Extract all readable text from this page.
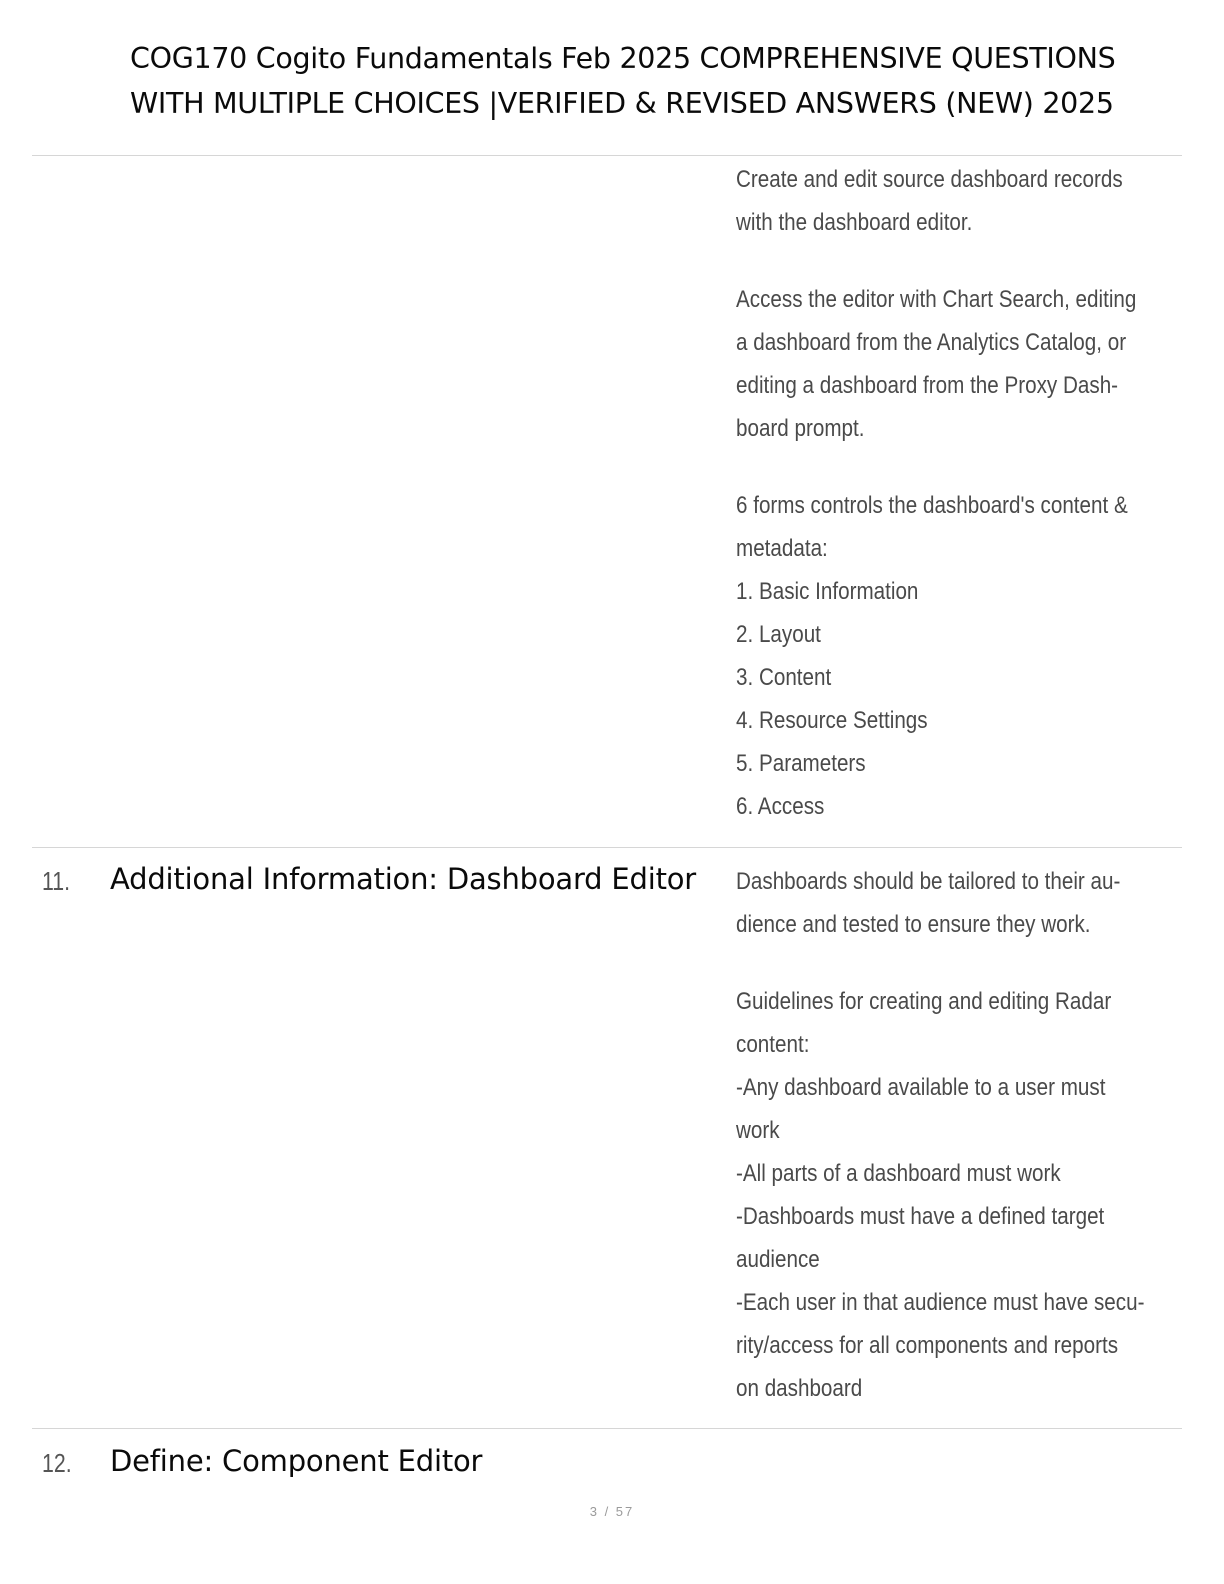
COG170 Cogito Fundamentals Feb 2025 COMPREHENSIVE QUESTIONS
WITH MULTIPLE CHOICES |VERIFIED & REVISED ANSWERS (NEW) 2025

Create and edit source dashboard records

with the dashboard editor.

Access the editor with Chart Search, editing

a dashboard from the Analytics Catalog, or

editing a dashboard from the Proxy Dash-

board prompt.

6 forms controls the dashboard's content &

metadata:

1. Basic Information

2. Layout

3. Content

4. Resource Settings

5. Parameters

6. Access

11. Additional Information: Dashboard Editor Dashboards should be tailored to their au-

dience and tested to ensure they work.

Guidelines for creating and editing Radar

content:

-Any dashboard available to a user must

work

-All parts of a dashboard must work

-Dashboards must have a defined target

audience

-Each user in that audience must have secu-

rity/access for all components and reports

on dashboard

12. Define: Component Editor
3 / 57
